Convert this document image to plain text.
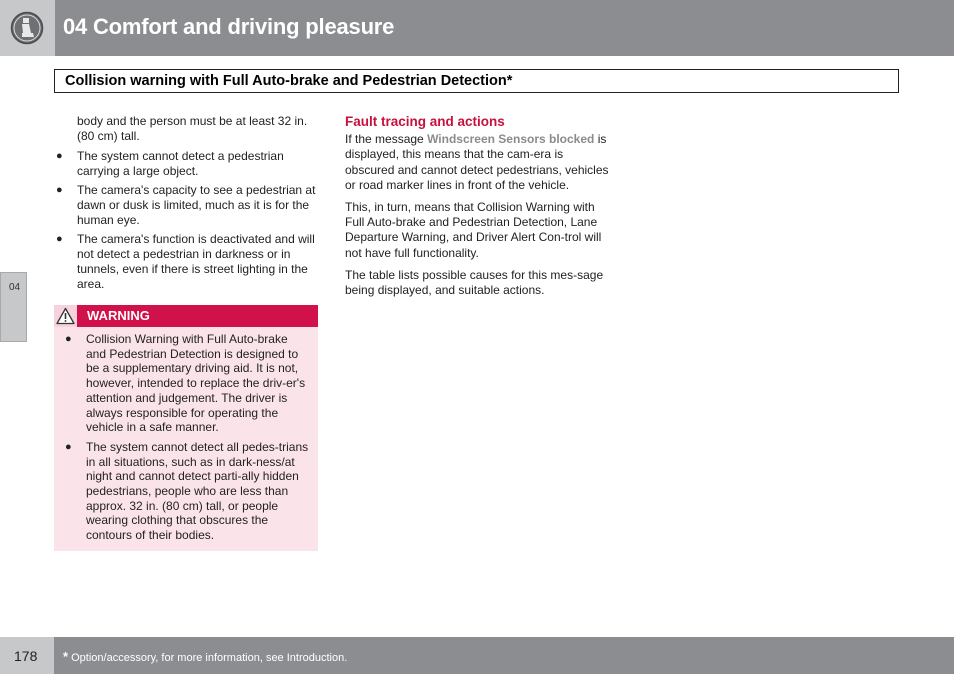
04 Comfort and driving pleasure
Collision warning with Full Auto-brake and Pedestrian Detection*
04

body and the person must be at least 32 in. (80 cm) tall.

● The system cannot detect a pedestrian carrying a large object.
● The camera's capacity to see a pedestrian at dawn or dusk is limited, much as it is for the human eye.
● The camera's function is deactivated and will not detect a pedestrian in darkness or in tunnels, even if there is street lighting in the area.
WARNING
● Collision Warning with Full Auto-brake and Pedestrian Detection is designed to be a supplementary driving aid. It is not, however, intended to replace the driv-er's attention and judgement. The driver is always responsible for operating the vehicle in a safe manner.
● The system cannot detect all pedes-trians in all situations, such as in dark-ness/at night and cannot detect parti-ally hidden pedestrians, people who are less than approx. 32 in. (80 cm) tall, or people wearing clothing that obscures the contours of their bodies.
Fault tracing and actions

If the message Windscreen Sensors blocked is displayed, this means that the cam-era is obscured and cannot detect pedestrians, vehicles or road marker lines in front of the vehicle.

This, in turn, means that Collision Warning with Full Auto-brake and Pedestrian Detection, Lane Departure Warning, and Driver Alert Con-trol will not have full functionality.

The table lists possible causes for this mes-sage being displayed, and suitable actions.

178 * Option/accessory, for more information, see Introduction.
